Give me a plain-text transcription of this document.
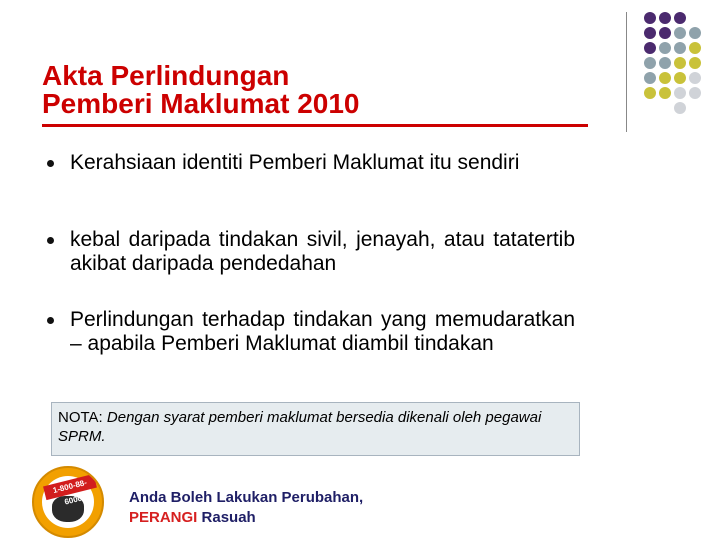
Akta Perlindungan
Pemberi Maklumat 2010
Kerahsiaan identiti Pemberi Maklumat itu sendiri
kebal daripada tindakan sivil, jenayah, atau tatatertib akibat daripada pendedahan
Perlindungan terhadap tindakan yang memudaratkan – apabila Pemberi Maklumat diambil tindakan
NOTA: Dengan syarat pemberi maklumat bersedia dikenali oleh pegawai SPRM.
1-800-88-6000	Anda Boleh Lakukan Perubahan,
PERANGI Rasuah
